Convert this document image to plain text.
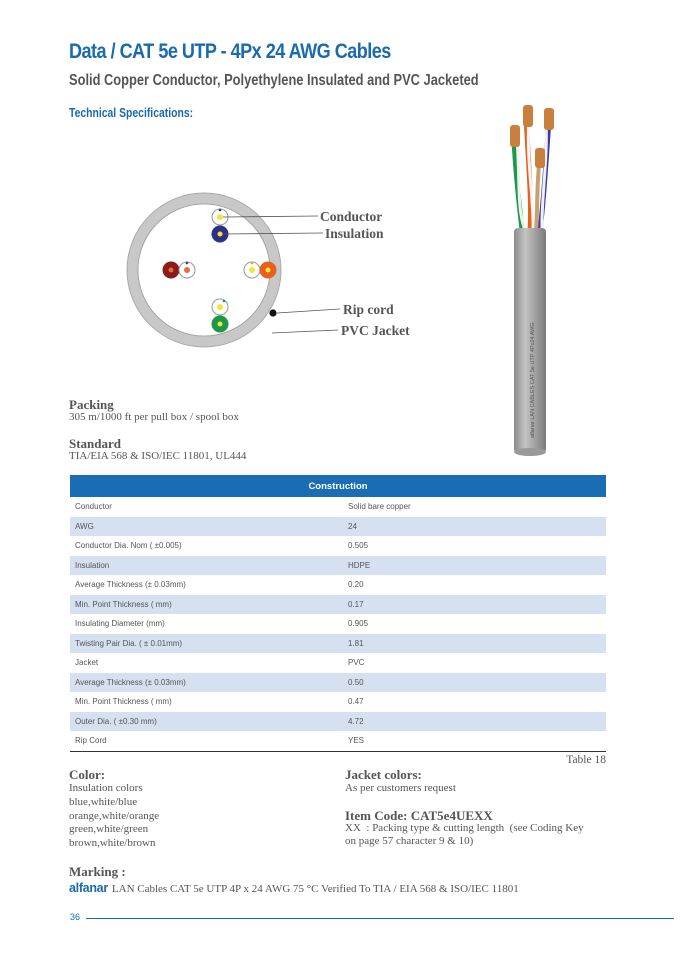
Data / CAT 5e UTP - 4Px 24 AWG Cables
Solid Copper Conductor, Polyethylene Insulated and PVC Jacketed
Technical Specifications:
Conductor
Insulation
Rip cord
PVC Jacket	alfanar LAN CABLES CAT 5e UTP 4Px24 AWG
Packing
305 m/1000 ft per pull box / spool box
Standard
TIA/EIA 568 & ISO/IEC 11801, UL444
Construction	
Conductor	Solid bare copper
AWG	24
Conductor Dia. Nom ( ±0.005)	0.505
Insulation	HDPE
Average Thickness (± 0.03mm)	0.20
Min. Point Thickness ( mm)	0.17
Insulating Diameter (mm)	0.905
Twisting Pair Dia. ( ± 0.01mm)	1.81
Jacket	PVC
Average Thickness (± 0.03mm)	0.50
Min. Point Thickness ( mm)	0.47
Outer Dia. ( ±0.30 mm)	4.72
Rip Cord	YES
Table 18
Color:
Insulation colors
blue,white/blue
orange,white/orange
green,white/green
brown,white/brown
Jacket colors:
As per customers request
Item Code: CAT5e4UEXX
XX  : Packing type & cutting length  (see Coding Key
on page 57 character 9 & 10)
Marking :
alfanar LAN Cables CAT 5e UTP 4P x 24 AWG 75 °C Verified To TIA / EIA 568 & ISO/IEC 11801
36
